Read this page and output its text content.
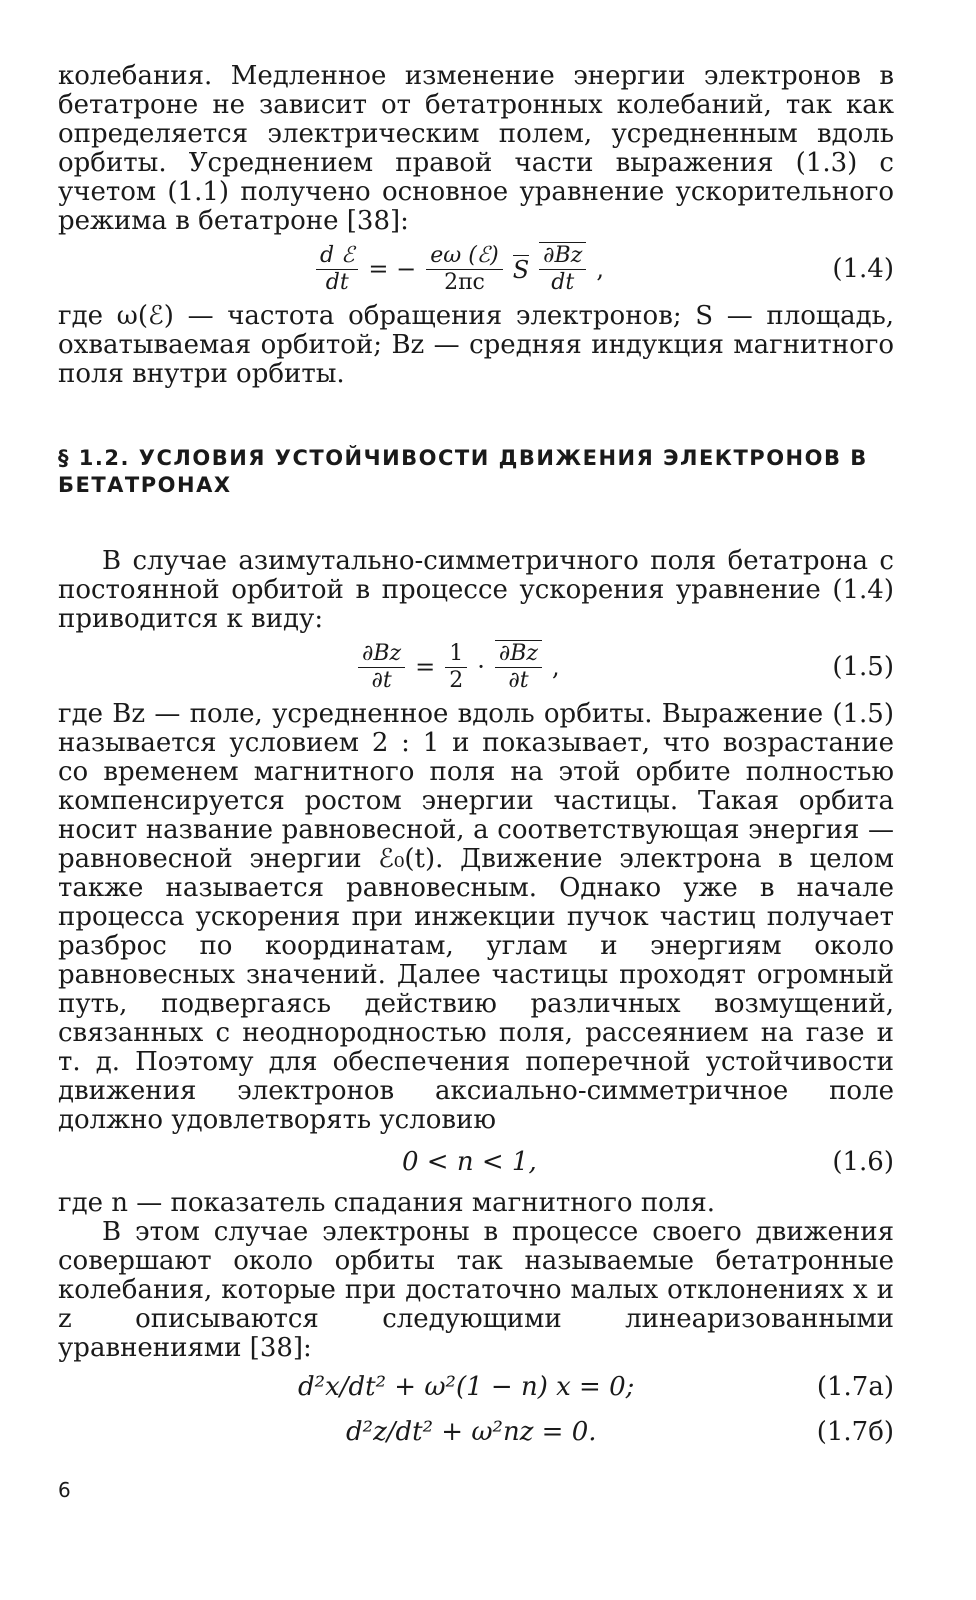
колебания. Медленное изменение энергии электронов в бетатроне не зависит от бетатронных колебаний, так как определяется электрическим полем, усредненным вдоль орбиты. Усреднением правой части выражения (1.3) с учетом (1.1) получено основное уравнение ускорительного режима в бетатроне [38]:

$\frac{\text{d ℰ}}{dt}$ = − $\frac{\text{eω (ℰ)}}{2\pi c}$ S $\frac{\partial Bz}{dt}$ ,	(1.4)

где ω(ℰ) — частота обращения электронов; S — площадь, охватываемая орбитой; Bz — средняя индукция магнитного поля внутри орбиты.

§ 1.2. УСЛОВИЯ УСТОЙЧИВОСТИ ДВИЖЕНИЯ ЭЛЕКТРОНОВ В БЕТАТРОНАХ

В случае азимутально-симметричного поля бетатрона с постоянной орбитой в процессе ускорения уравнение (1.4) приводится к виду:

$\frac{\partial Bz}{\partial t} = \frac{1}{2} \cdot \frac{\partial Bz}{\partial t}$ ,	(1.5)

где Bz — поле, усредненное вдоль орбиты. Выражение (1.5) называется условием 2 : 1 и показывает, что возрастание со временем магнитного поля на этой орбите полностью компенсируется ростом энергии частицы. Такая орбита носит название равновесной, а соответствующая энергия — равновесной энергии ℰ₀(t). Движение электрона в целом также называется равновесным. Однако уже в начале процесса ускорения при инжекции пучок частиц получает разброс по координатам, углам и энергиям около равновесных значений. Далее частицы проходят огромный путь, подвергаясь действию различных возмущений, связанных с неоднородностью поля, рассеянием на газе и т. д. Поэтому для обеспечения поперечной устойчивости движения электронов аксиально-симметричное поле должно удовлетворять условию

0 < n < 1,	(1.6)

где n — показатель спадания магнитного поля.

В этом случае электроны в процессе своего движения совершают около орбиты так называемые бетатронные колебания, которые при достаточно малых отклонениях x и z описываются следующими линеаризованными уравнениями [38]:

d²x/dt² + ω²(1 − n) x = 0;	(1.7а)
d²z/dt² + ω²nz = 0.	(1.7б)
6
